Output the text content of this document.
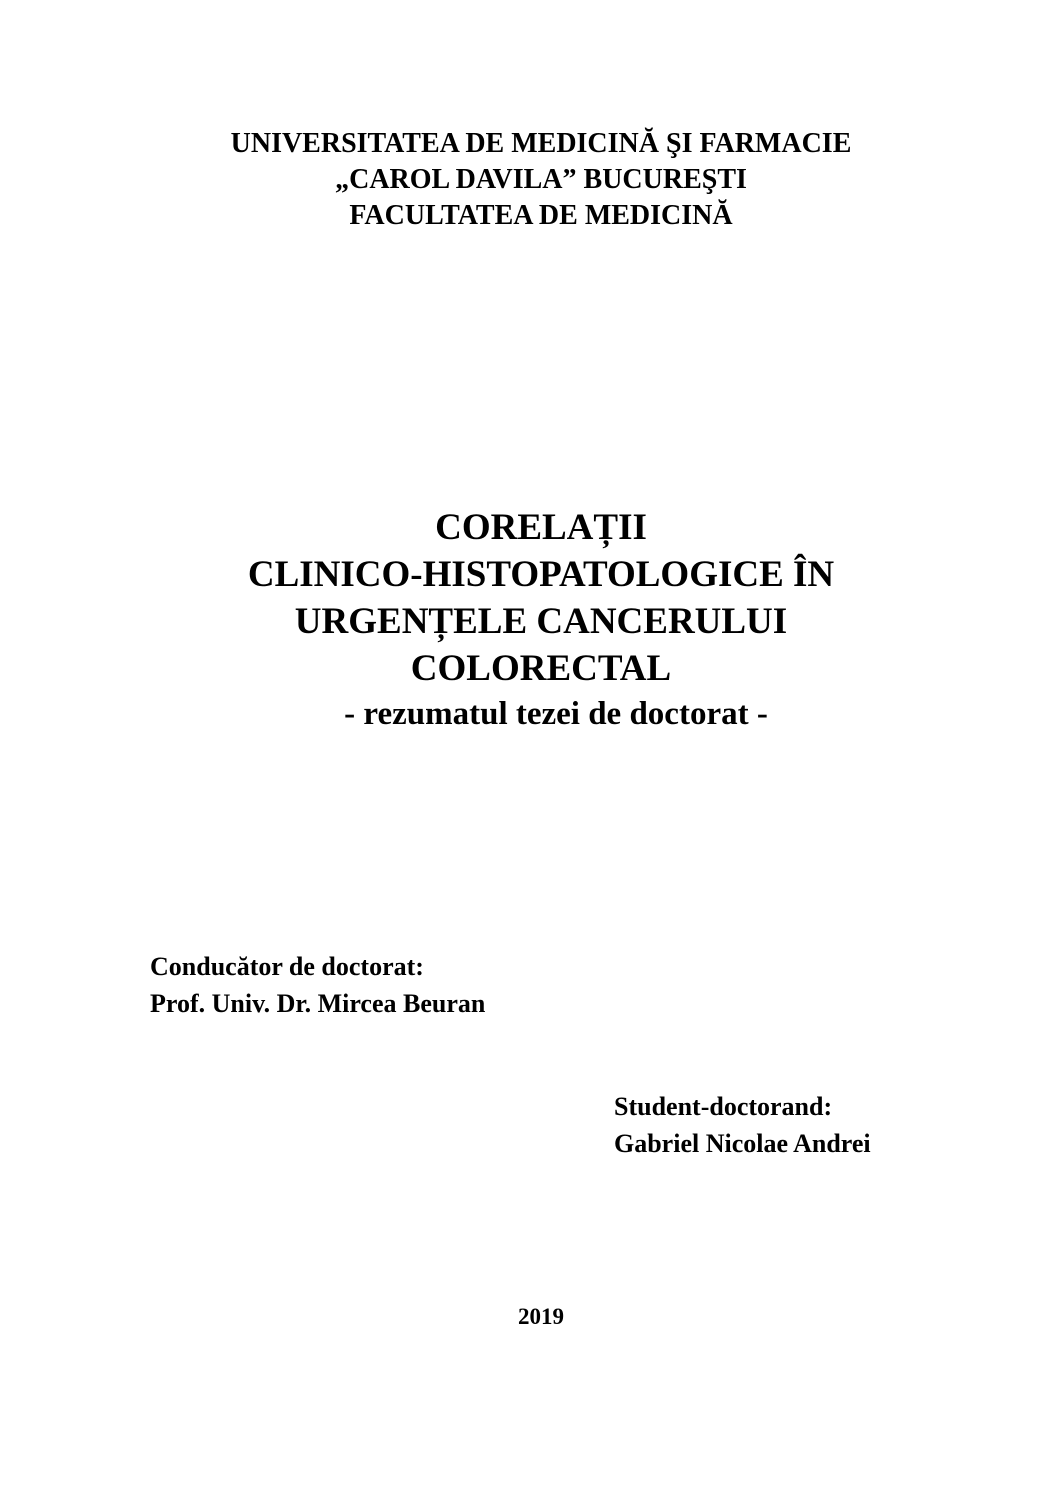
UNIVERSITATEA DE MEDICINĂ ŞI FARMACIE
„CAROL DAVILA” BUCUREŞTI
FACULTATEA DE MEDICINĂ
CORELAȚII
CLINICO-HISTOPATOLOGICE ÎN
URGENȚELE CANCERULUI
COLORECTAL
- rezumatul tezei de doctorat -
Conducător de doctorat:
Prof. Univ. Dr. Mircea Beuran
Student-doctorand:
Gabriel Nicolae Andrei
2019
